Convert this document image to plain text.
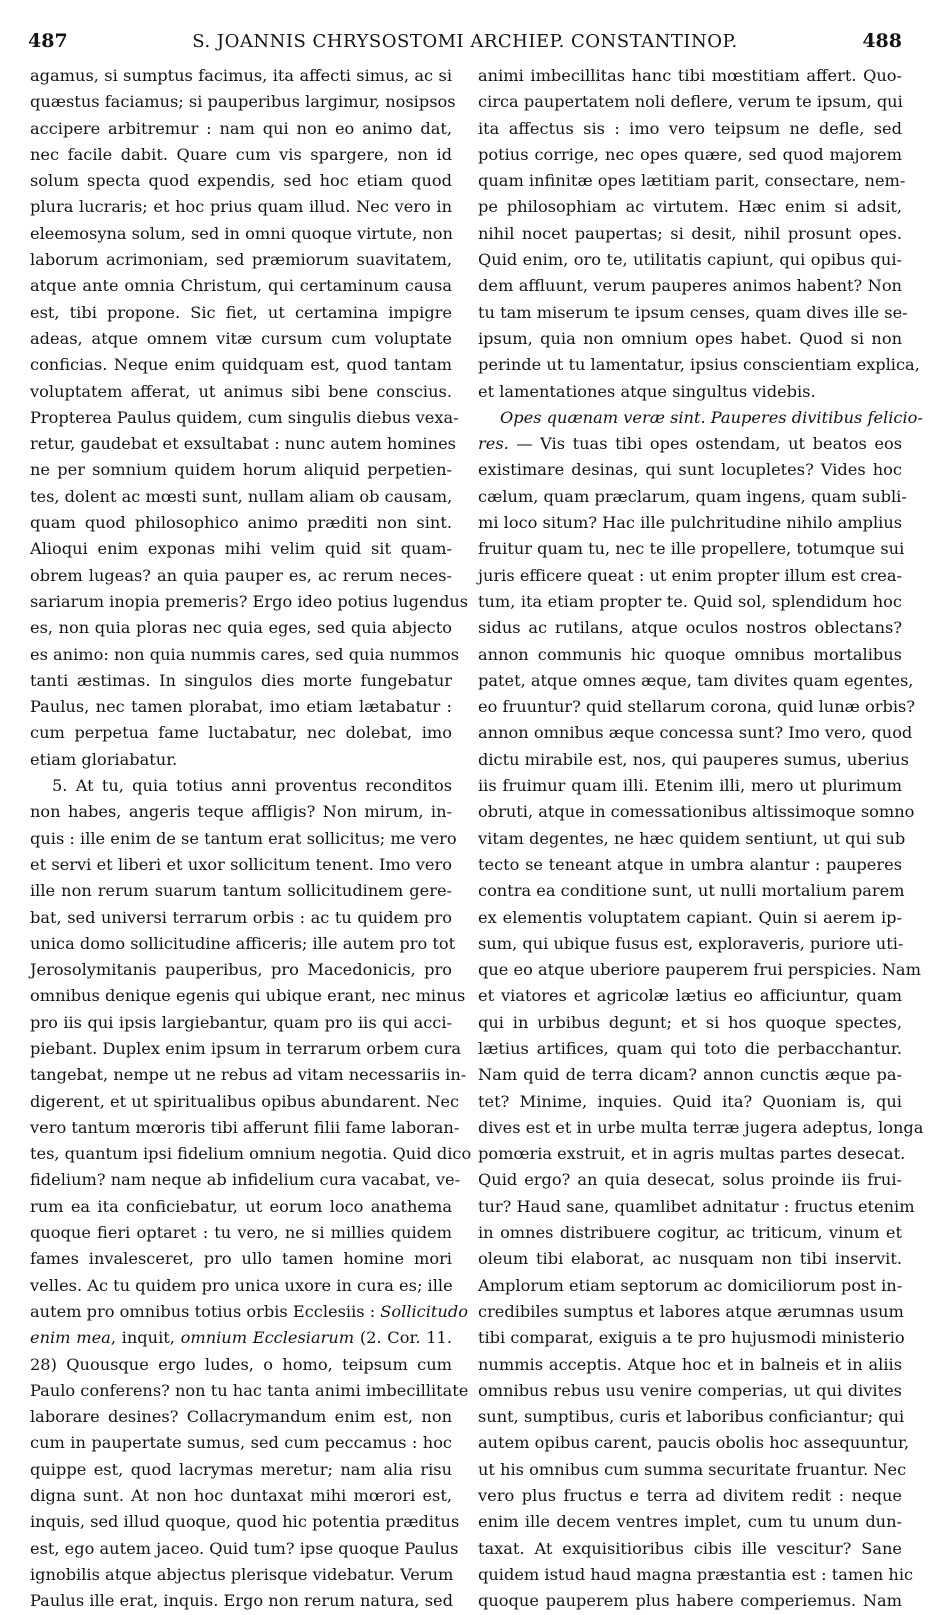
487	S. JOANNIS CHRYSOSTOMI ARCHIEP. CONSTANTINOP.	488
agamus, si sumptus facimus, ita affecti simus, ac si
quæstus faciamus; si pauperibus largimur, nosipsos
accipere arbitremur : nam qui non eo animo dat,
nec facile dabit. Quare cum vis spargere, non id
solum specta quod expendis, sed hoc etiam quod
plura lucraris; et hoc prius quam illud. Nec vero in
eleemosyna solum, sed in omni quoque virtute, non
laborum acrimoniam, sed præmiorum suavitatem,
atque ante omnia Christum, qui certaminum causa
est, tibi propone. Sic fiet, ut certamina impigre
adeas, atque omnem vitæ cursum cum voluptate
conficias. Neque enim quidquam est, quod tantam
voluptatem afferat, ut animus sibi bene conscius.
Propterea Paulus quidem, cum singulis diebus vexa-
retur, gaudebat et exsultabat : nunc autem homines
ne per somnium quidem horum aliquid perpetien-
tes, dolent ac mœsti sunt, nullam aliam ob causam,
quam quod philosophico animo præditi non sint.
Alioqui enim exponas mihi velim quid sit quam-
obrem lugeas? an quia pauper es, ac rerum neces-
sariarum inopia premeris? Ergo ideo potius lugendus
es, non quia ploras nec quia eges, sed quia abjecto
es animo: non quia nummis cares, sed quia nummos
tanti æstimas. In singulos dies morte fungebatur
Paulus, nec tamen plorabat, imo etiam lætabatur :
cum perpetua fame luctabatur, nec dolebat, imo
etiam gloriabatur.
5. At tu, quia totius anni proventus reconditos
non habes, angeris teque affligis? Non mirum, in-
quis : ille enim de se tantum erat sollicitus; me vero
et servi et liberi et uxor sollicitum tenent. Imo vero
ille non rerum suarum tantum sollicitudinem gere-
bat, sed universi terrarum orbis : ac tu quidem pro
unica domo sollicitudine afficeris; ille autem pro tot
Jerosolymitanis pauperibus, pro Macedonicis, pro
omnibus denique egenis qui ubique erant, nec minus
pro iis qui ipsis largiebantur, quam pro iis qui acci-
piebant. Duplex enim ipsum in terrarum orbem cura
tangebat, nempe ut ne rebus ad vitam necessariis in-
digerent, et ut spiritualibus opibus abundarent. Nec
vero tantum mœroris tibi afferunt filii fame laboran-
tes, quantum ipsi fidelium omnium negotia. Quid dico
fidelium? nam neque ab infidelium cura vacabat, ve-
rum ea ita conficiebatur, ut eorum loco anathema
quoque fieri optaret : tu vero, ne si millies quidem
fames invalesceret, pro ullo tamen homine mori
velles. Ac tu quidem pro unica uxore in cura es; ille
autem pro omnibus totius orbis Ecclesiis : Sollicitudo
enim mea, inquit, omnium Ecclesiarum (2. Cor. 11.
28) Quousque ergo ludes, o homo, teipsum cum
Paulo conferens? non tu hac tanta animi imbecillitate
laborare desines? Collacrymandum enim est, non
cum in paupertate sumus, sed cum peccamus : hoc
quippe est, quod lacrymas meretur; nam alia risu
digna sunt. At non hoc duntaxat mihi mœrori est,
inquis, sed illud quoque, quod hic potentia præditus
est, ego autem jaceo. Quid tum? ipse quoque Paulus
ignobilis atque abjectus plerisque videbatur. Verum
Paulus ille erat, inquis. Ergo non rerum natura, sed
animi imbecillitas hanc tibi mœstitiam affert. Quo-
circa paupertatem noli deflere, verum te ipsum, qui
ita affectus sis : imo vero teipsum ne defle, sed
potius corrige, nec opes quære, sed quod majorem
quam infinitæ opes lætitiam parit, consectare, nem-
pe philosophiam ac virtutem. Hæc enim si adsit,
nihil nocet paupertas; si desit, nihil prosunt opes.
Quid enim, oro te, utilitatis capiunt, qui opibus qui-
dem affluunt, verum pauperes animos habent? Non
tu tam miserum te ipsum censes, quam dives ille se-
ipsum, quia non omnium opes habet. Quod si non
perinde ut tu lamentatur, ipsius conscientiam explica,
et lamentationes atque singultus videbis.
Opes quænam veræ sint. Pauperes divitibus felicio-
res. — Vis tuas tibi opes ostendam, ut beatos eos
existimare desinas, qui sunt locupletes? Vides hoc
cælum, quam præclarum, quam ingens, quam subli-
mi loco situm? Hac ille pulchritudine nihilo amplius
fruitur quam tu, nec te ille propellere, totumque sui
juris efficere queat : ut enim propter illum est crea-
tum, ita etiam propter te. Quid sol, splendidum hoc
sidus ac rutilans, atque oculos nostros oblectans?
annon communis hic quoque omnibus mortalibus
patet, atque omnes æque, tam divites quam egentes,
eo fruuntur? quid stellarum corona, quid lunæ orbis?
annon omnibus æque concessa sunt? Imo vero, quod
dictu mirabile est, nos, qui pauperes sumus, uberius
iis fruimur quam illi. Etenim illi, mero ut plurimum
obruti, atque in comessationibus altissimoque somno
vitam degentes, ne hæc quidem sentiunt, ut qui sub
tecto se teneant atque in umbra alantur : pauperes
contra ea conditione sunt, ut nulli mortalium parem
ex elementis voluptatem capiant. Quin si aerem ip-
sum, qui ubique fusus est, exploraveris, puriore uti-
que eo atque uberiore pauperem frui perspicies. Nam
et viatores et agricolæ lætius eo afficiuntur, quam
qui in urbibus degunt; et si hos quoque spectes,
lætius artifices, quam qui toto die perbacchantur.
Nam quid de terra dicam? annon cunctis æque pa-
tet? Minime, inquies. Quid ita? Quoniam is, qui
dives est et in urbe multa terræ jugera adeptus, longa
pomœria exstruit, et in agris multas partes desecat.
Quid ergo? an quia desecat, solus proinde iis frui-
tur? Haud sane, quamlibet adnitatur : fructus etenim
in omnes distribuere cogitur, ac triticum, vinum et
oleum tibi elaborat, ac nusquam non tibi inservit.
Amplorum etiam septorum ac domiciliorum post in-
credibiles sumptus et labores atque ærumnas usum
tibi comparat, exiguis a te pro hujusmodi ministerio
nummis acceptis. Atque hoc et in balneis et in aliis
omnibus rebus usu venire comperias, ut qui divites
sunt, sumptibus, curis et laboribus conficiantur; qui
autem opibus carent, paucis obolis hoc assequuntur,
ut his omnibus cum summa securitate fruantur. Nec
vero plus fructus e terra ad divitem redit : neque
enim ille decem ventres implet, cum tu unum dun-
taxat. At exquisitioribus cibis ille vescitur? Sane
quidem istud haud magna præstantia est : tamen hic
quoque pauperem plus habere comperiemus. Nam
